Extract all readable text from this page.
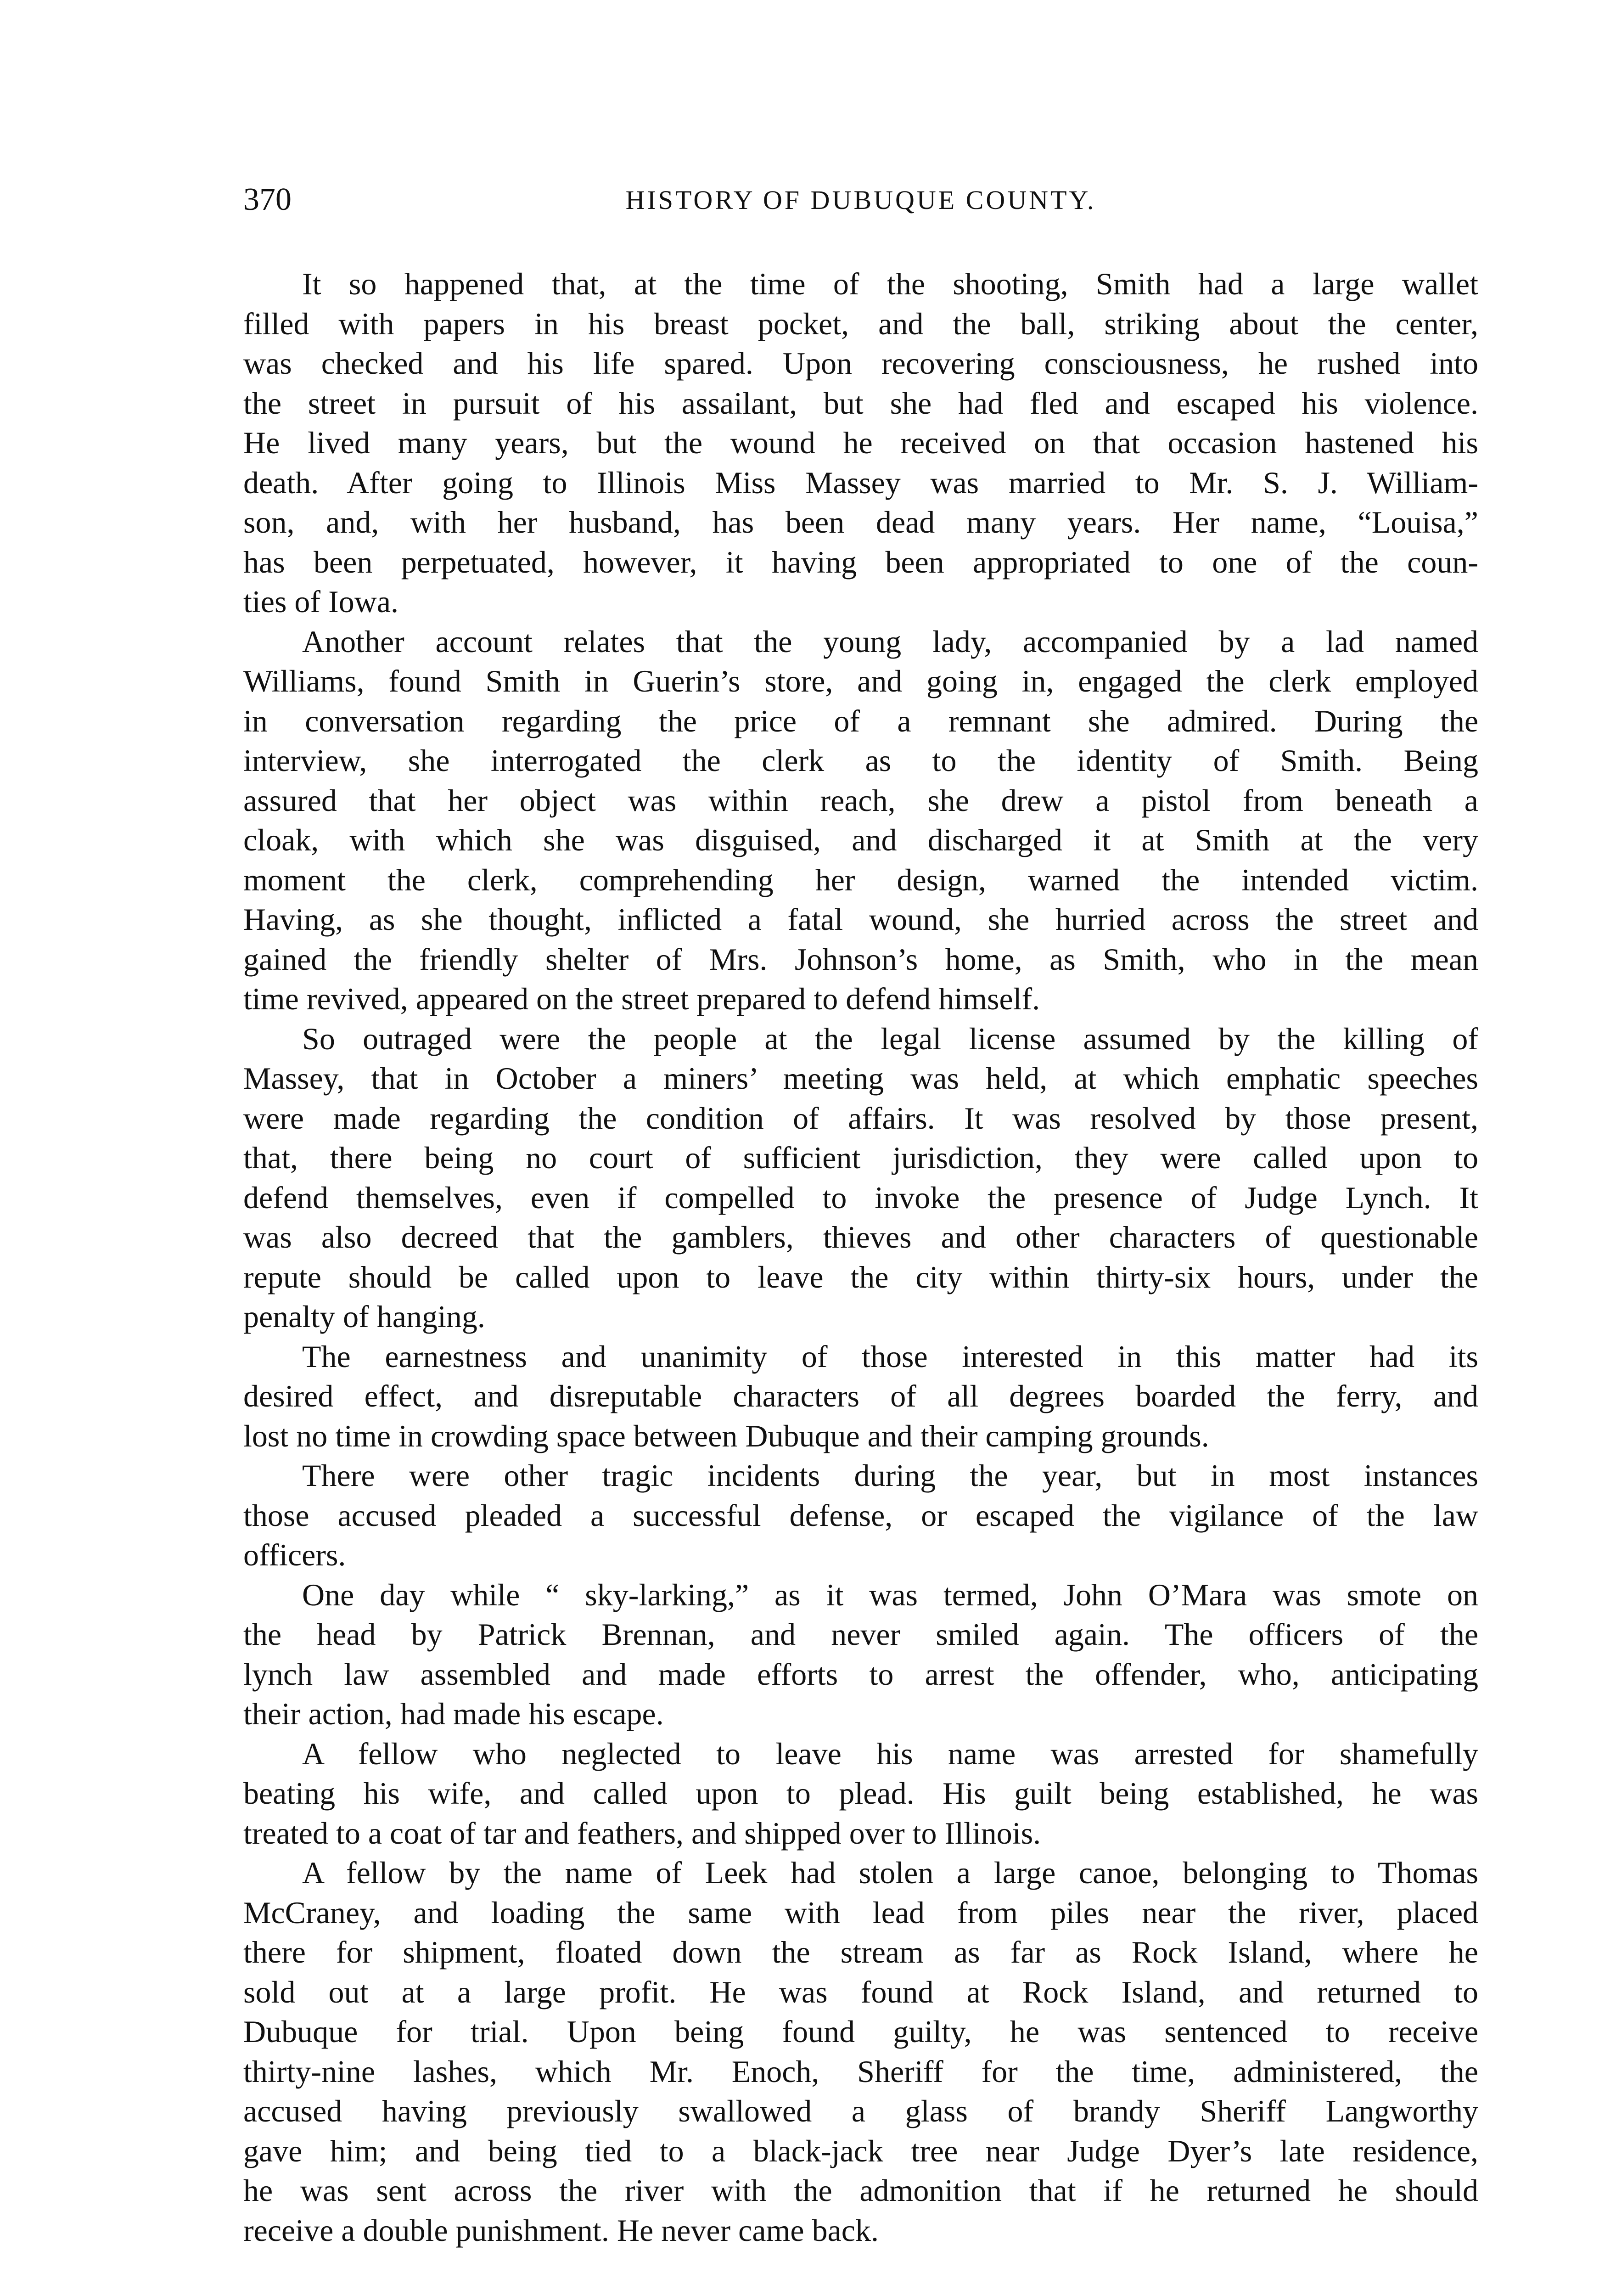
370	HISTORY OF DUBUQUE COUNTY.
It so happened that, at the time of the shooting, Smith had a large wallet
filled with papers in his breast pocket, and the ball, striking about the center,
was checked and his life spared. Upon recovering consciousness, he rushed into
the street in pursuit of his assailant, but she had fled and escaped his violence.
He lived many years, but the wound he received on that occasion hastened his
death. After going to Illinois Miss Massey was married to Mr. S. J. William-
son, and, with her husband, has been dead many years. Her name, “Louisa,”
has been perpetuated, however, it having been appropriated to one of the coun-
ties of Iowa.
Another account relates that the young lady, accompanied by a lad named
Williams, found Smith in Guerin’s store, and going in, engaged the clerk employed
in conversation regarding the price of a remnant she admired. During the
interview, she interrogated the clerk as to the identity of Smith. Being
assured that her object was within reach, she drew a pistol from beneath a
cloak, with which she was disguised, and discharged it at Smith at the very
moment the clerk, comprehending her design, warned the intended victim.
Having, as she thought, inflicted a fatal wound, she hurried across the street and
gained the friendly shelter of Mrs. Johnson’s home, as Smith, who in the mean
time revived, appeared on the street prepared to defend himself.
So outraged were the people at the legal license assumed by the killing of
Massey, that in October a miners’ meeting was held, at which emphatic speeches
were made regarding the condition of affairs. It was resolved by those present,
that, there being no court of sufficient jurisdiction, they were called upon to
defend themselves, even if compelled to invoke the presence of Judge Lynch. It
was also decreed that the gamblers, thieves and other characters of questionable
repute should be called upon to leave the city within thirty-six hours, under the
penalty of hanging.
The earnestness and unanimity of those interested in this matter had its
desired effect, and disreputable characters of all degrees boarded the ferry, and
lost no time in crowding space between Dubuque and their camping grounds.
There were other tragic incidents during the year, but in most instances
those accused pleaded a successful defense, or escaped the vigilance of the law
officers.
One day while “ sky-larking,” as it was termed, John O’Mara was smote on
the head by Patrick Brennan, and never smiled again. The officers of the
lynch law assembled and made efforts to arrest the offender, who, anticipating
their action, had made his escape.
A fellow who neglected to leave his name was arrested for shamefully
beating his wife, and called upon to plead. His guilt being established, he was
treated to a coat of tar and feathers, and shipped over to Illinois.
A fellow by the name of Leek had stolen a large canoe, belonging to Thomas
McCraney, and loading the same with lead from piles near the river, placed
there for shipment, floated down the stream as far as Rock Island, where he
sold out at a large profit. He was found at Rock Island, and returned to
Dubuque for trial. Upon being found guilty, he was sentenced to receive
thirty-nine lashes, which Mr. Enoch, Sheriff for the time, administered, the
accused having previously swallowed a glass of brandy Sheriff Langworthy
gave him; and being tied to a black-jack tree near Judge Dyer’s late residence,
he was sent across the river with the admonition that if he returned he should
receive a double punishment. He never came back.
